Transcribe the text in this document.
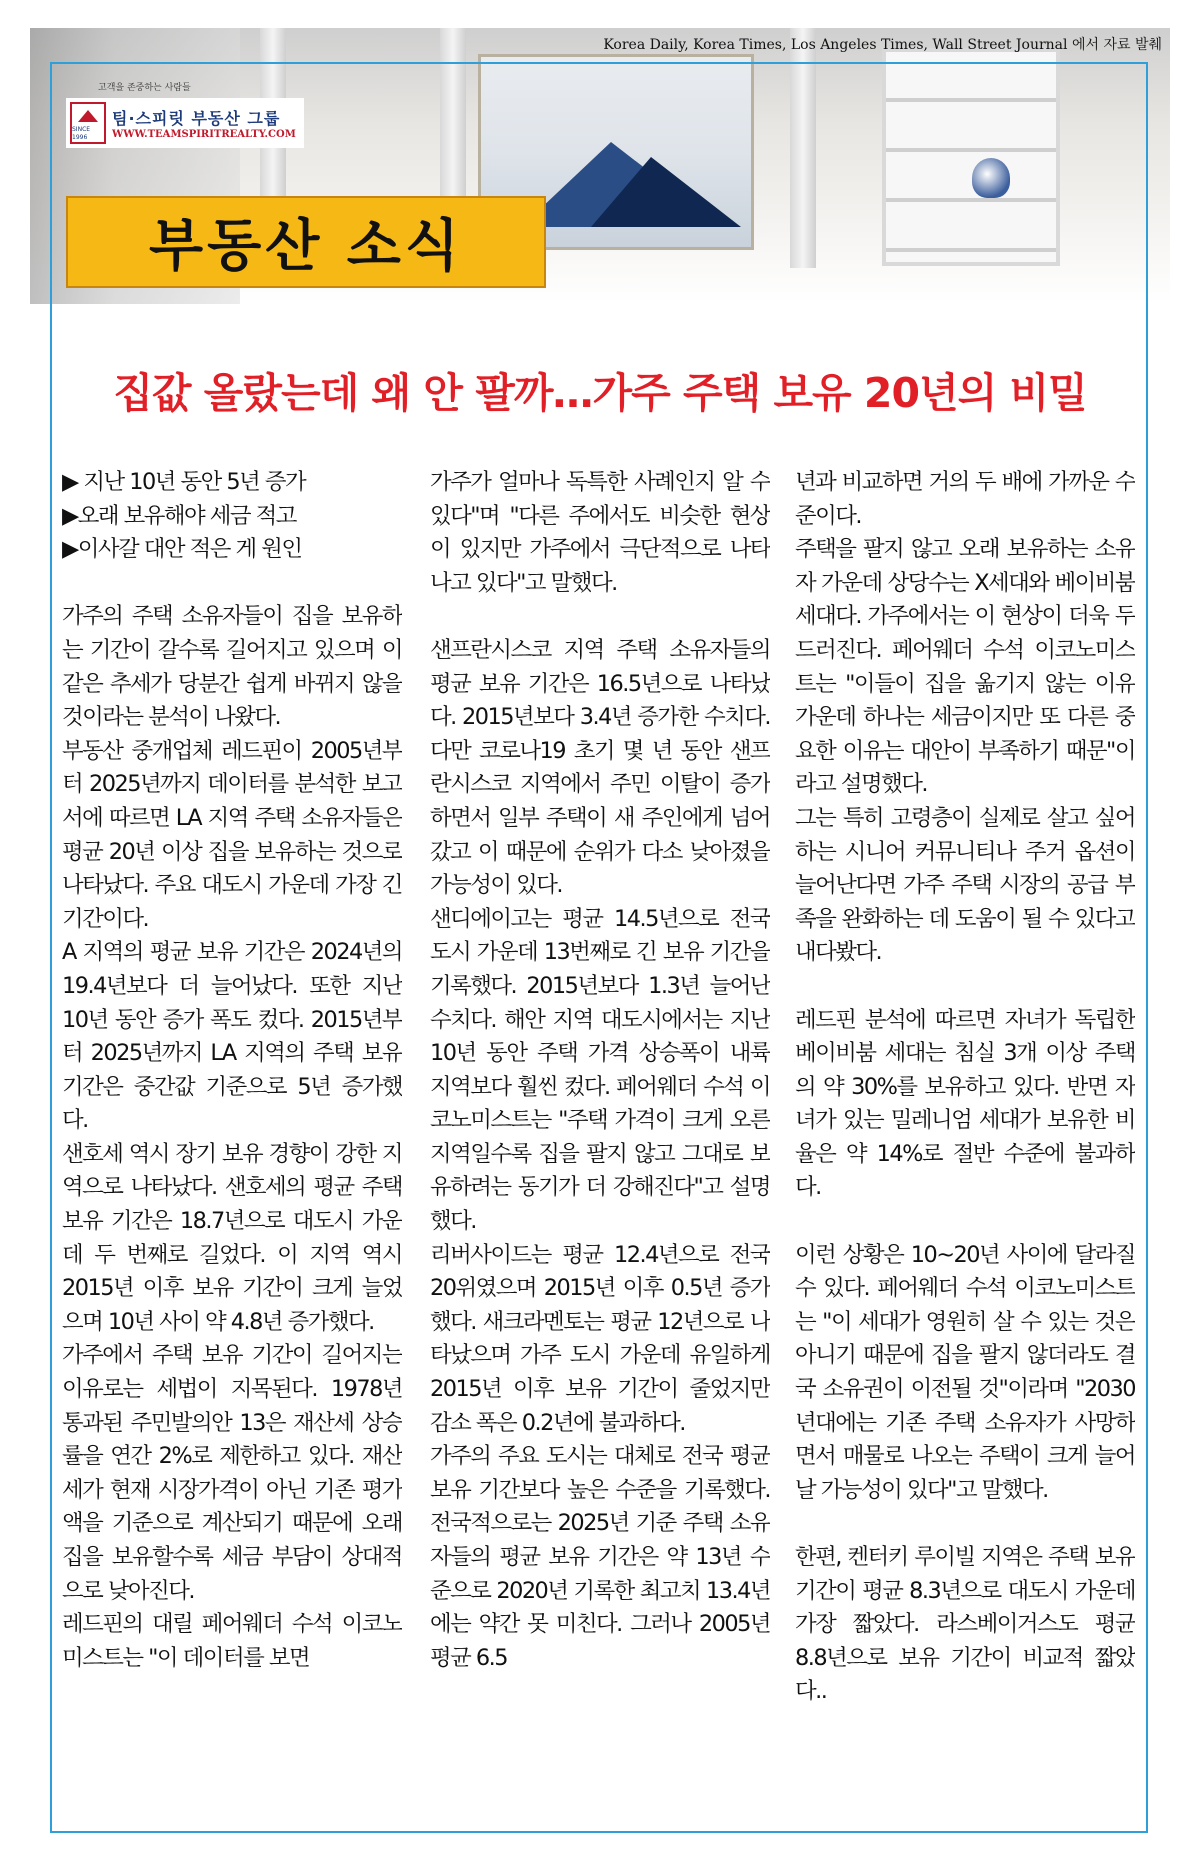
Korea Daily, Korea Times, Los Angeles Times, Wall Street Journal 에서 자료 발췌
고객을 존중하는 사람들
SINCE 1996
팀·스피릿 부동산 그룹
WWW.TEAMSPIRITREALTY.COM
부동산 소식
집값 올랐는데 왜 안 팔까…가주 주택 보유 20년의 비밀
▶ 지난 10년 동안 5년 증가
▶오래 보유해야 세금 적고
▶이사갈 대안 적은 게 원인

가주의 주택 소유자들이 집을 보유하는 기간이 갈수록 길어지고 있으며 이 같은 추세가 당분간 쉽게 바뀌지 않을 것이라는 분석이 나왔다.

부동산 중개업체 레드핀이 2005년부터 2025년까지 데이터를 분석한 보고서에 따르면 LA 지역 주택 소유자들은 평균 20년 이상 집을 보유하는 것으로 나타났다. 주요 대도시 가운데 가장 긴 기간이다.

A 지역의 평균 보유 기간은 2024년의 19.4년보다 더 늘어났다. 또한 지난 10년 동안 증가 폭도 컸다. 2015년부터 2025년까지 LA 지역의 주택 보유 기간은 중간값 기준으로 5년 증가했다.

샌호세 역시 장기 보유 경향이 강한 지역으로 나타났다. 샌호세의 평균 주택 보유 기간은 18.7년으로 대도시 가운데 두 번째로 길었다. 이 지역 역시 2015년 이후 보유 기간이 크게 늘었으며 10년 사이 약 4.8년 증가했다.

가주에서 주택 보유 기간이 길어지는 이유로는 세법이 지목된다. 1978년 통과된 주민발의안 13은 재산세 상승률을 연간 2%로 제한하고 있다. 재산세가 현재 시장가격이 아닌 기존 평가액을 기준으로 계산되기 때문에 오래 집을 보유할수록 세금 부담이 상대적으로 낮아진다.

레드핀의 대릴 페어웨더 수석 이코노미스트는 "이 데이터를 보면

가주가 얼마나 독특한 사례인지 알 수 있다"며 "다른 주에서도 비슷한 현상이 있지만 가주에서 극단적으로 나타나고 있다"고 말했다.

샌프란시스코 지역 주택 소유자들의 평균 보유 기간은 16.5년으로 나타났다. 2015년보다 3.4년 증가한 수치다. 다만 코로나19 초기 몇 년 동안 샌프란시스코 지역에서 주민 이탈이 증가하면서 일부 주택이 새 주인에게 넘어갔고 이 때문에 순위가 다소 낮아졌을 가능성이 있다.

샌디에이고는 평균 14.5년으로 전국 도시 가운데 13번째로 긴 보유 기간을 기록했다. 2015년보다 1.3년 늘어난 수치다. 해안 지역 대도시에서는 지난 10년 동안 주택 가격 상승폭이 내륙 지역보다 훨씬 컸다. 페어웨더 수석 이코노미스트는 "주택 가격이 크게 오른 지역일수록 집을 팔지 않고 그대로 보유하려는 동기가 더 강해진다"고 설명했다.

리버사이드는 평균 12.4년으로 전국 20위였으며 2015년 이후 0.5년 증가했다. 새크라멘토는 평균 12년으로 나타났으며 가주 도시 가운데 유일하게 2015년 이후 보유 기간이 줄었지만 감소 폭은 0.2년에 불과하다.

가주의 주요 도시는 대체로 전국 평균 보유 기간보다 높은 수준을 기록했다. 전국적으로는 2025년 기준 주택 소유자들의 평균 보유 기간은 약 13년 수준으로 2020년 기록한 최고치 13.4년에는 약간 못 미친다. 그러나 2005년 평균 6.5

년과 비교하면 거의 두 배에 가까운 수준이다.

주택을 팔지 않고 오래 보유하는 소유자 가운데 상당수는 X세대와 베이비붐 세대다. 가주에서는 이 현상이 더욱 두드러진다. 페어웨더 수석 이코노미스트는 "이들이 집을 옮기지 않는 이유 가운데 하나는 세금이지만 또 다른 중요한 이유는 대안이 부족하기 때문"이라고 설명했다.

그는 특히 고령층이 실제로 살고 싶어 하는 시니어 커뮤니티나 주거 옵션이 늘어난다면 가주 주택 시장의 공급 부족을 완화하는 데 도움이 될 수 있다고 내다봤다.

레드핀 분석에 따르면 자녀가 독립한 베이비붐 세대는 침실 3개 이상 주택의 약 30%를 보유하고 있다. 반면 자녀가 있는 밀레니엄 세대가 보유한 비율은 약 14%로 절반 수준에 불과하다.

이런 상황은 10~20년 사이에 달라질 수 있다. 페어웨더 수석 이코노미스트는 "이 세대가 영원히 살 수 있는 것은 아니기 때문에 집을 팔지 않더라도 결국 소유권이 이전될 것"이라며 "2030년대에는 기존 주택 소유자가 사망하면서 매물로 나오는 주택이 크게 늘어날 가능성이 있다"고 말했다.

한편, 켄터키 루이빌 지역은 주택 보유 기간이 평균 8.3년으로 대도시 가운데 가장 짧았다. 라스베이거스도 평균 8.8년으로 보유 기간이 비교적 짧았다..
